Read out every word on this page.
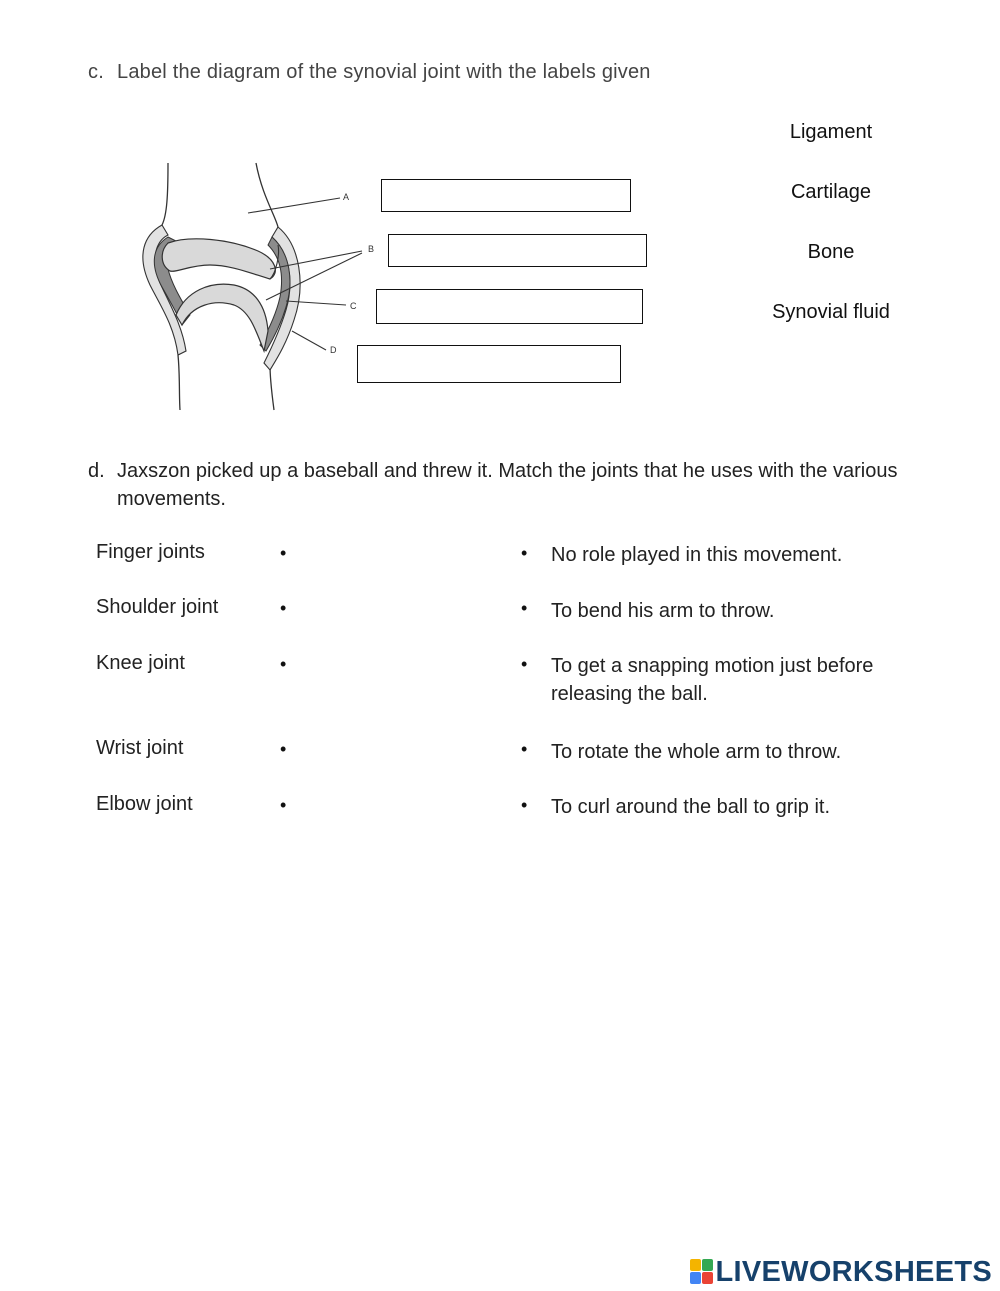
c. Label the diagram of the synovial joint with the labels given
Ligament
Cartilage
Bone
Synovial fluid
A
B
C
D
d. Jaxszon picked up a baseball and threw it. Match the joints that he uses with the various movements.
Finger joints
Shoulder joint
Knee joint
Wrist joint
Elbow joint
•
•
•
•
•
•
•
•
•
•
No role played in this movement.
To bend his arm to throw.
To get a snapping motion just before releasing the ball.
To rotate the whole arm to throw.
To curl around the ball to grip it.
LIVEWORKSHEETS
